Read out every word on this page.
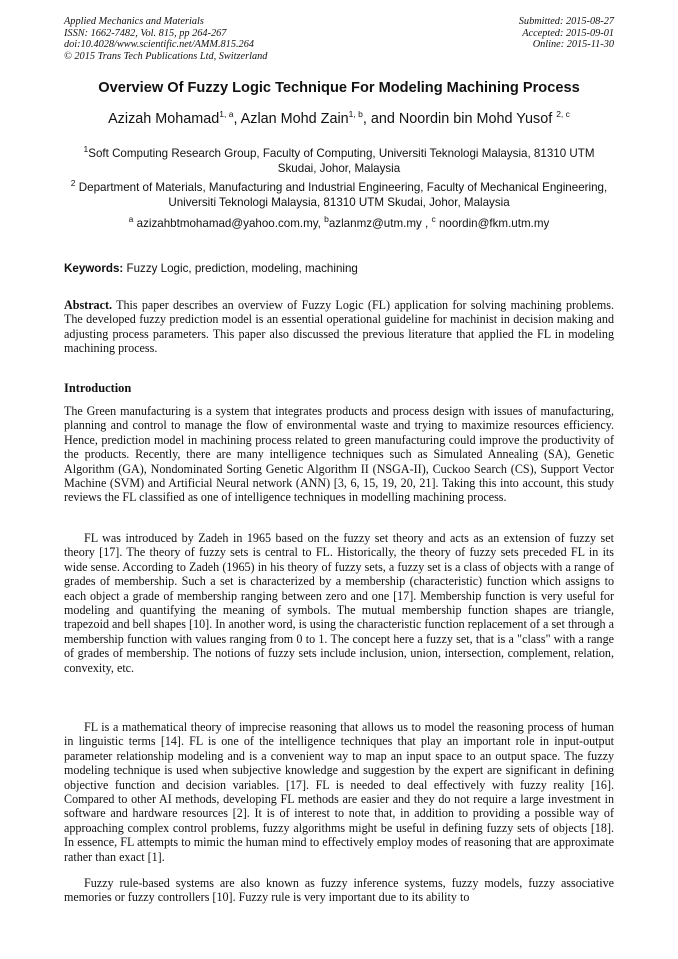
Applied Mechanics and Materials
ISSN: 1662-7482, Vol. 815, pp 264-267
doi:10.4028/www.scientific.net/AMM.815.264
© 2015 Trans Tech Publications Ltd, Switzerland
Submitted: 2015-08-27
Accepted: 2015-09-01
Online: 2015-11-30
Overview Of Fuzzy Logic Technique For Modeling Machining Process
Azizah Mohamad$^{1, a}$, Azlan Mohd Zain$^{1, b}$, and Noordin bin Mohd Yusof $^{2, c}$
$^1$Soft Computing Research Group, Faculty of Computing, Universiti Teknologi Malaysia, 81310 UTM Skudai, Johor, Malaysia
$^2$ Department of Materials, Manufacturing and Industrial Engineering, Faculty of Mechanical Engineering, Universiti Teknologi Malaysia, 81310 UTM Skudai, Johor, Malaysia
$^a$ azizahbtmohamad@yahoo.com.my, $^b$azlanmz@utm.my , $^c$ noordin@fkm.utm.my
Keywords: Fuzzy Logic, prediction, modeling, machining

Abstract. This paper describes an overview of Fuzzy Logic (FL) application for solving machining problems. The developed fuzzy prediction model is an essential operational guideline for machinist in decision making and adjusting process parameters. This paper also discussed the previous literature that applied the FL in modeling machining process.

Introduction

The Green manufacturing is a system that integrates products and process design with issues of manufacturing, planning and control to manage the flow of environmental waste and trying to maximize resources efficiency. Hence, prediction model in machining process related to green manufacturing could improve the productivity of the products. Recently, there are many intelligence techniques such as Simulated Annealing (SA), Genetic Algorithm (GA), Nondominated Sorting Genetic Algorithm II (NSGA-II), Cuckoo Search (CS), Support Vector Machine (SVM) and Artificial Neural network (ANN) [3, 6, 15, 19, 20, 21]. Taking this into account, this study reviews the FL classified as one of intelligence techniques in modelling machining process.

FL was introduced by Zadeh in 1965 based on the fuzzy set theory and acts as an extension of fuzzy set theory [17]. The theory of fuzzy sets is central to FL. Historically, the theory of fuzzy sets preceded FL in its wide sense. According to Zadeh (1965) in his theory of fuzzy sets, a fuzzy set is a class of objects with a range of grades of membership. Such a set is characterized by a membership (characteristic) function which assigns to each object a grade of membership ranging between zero and one [17]. Membership function is very useful for modeling and quantifying the meaning of symbols. The mutual membership function shapes are triangle, trapezoid and bell shapes [10]. In another word, is using the characteristic function replacement of a set through a membership function with values ranging from 0 to 1. The concept here a fuzzy set, that is a "class" with a range of grades of membership. The notions of fuzzy sets include inclusion, union, intersection, complement, relation, convexity, etc.

FL is a mathematical theory of imprecise reasoning that allows us to model the reasoning process of human in linguistic terms [14]. FL is one of the intelligence techniques that play an important role in input-output parameter relationship modeling and is a convenient way to map an input space to an output space. The fuzzy modeling technique is used when subjective knowledge and suggestion by the expert are significant in defining objective function and decision variables. [17]. FL is needed to deal effectively with fuzzy reality [16]. Compared to other AI methods, developing FL methods are easier and they do not require a large investment in software and hardware resources [2]. It is of interest to note that, in addition to providing a possible way of approaching complex control problems, fuzzy algorithms might be useful in defining fuzzy sets of objects [18]. In essence, FL attempts to mimic the human mind to effectively employ modes of reasoning that are approximate rather than exact [1].

Fuzzy rule-based systems are also known as fuzzy inference systems, fuzzy models, fuzzy associative memories or fuzzy controllers [10]. Fuzzy rule is very important due to its ability to
